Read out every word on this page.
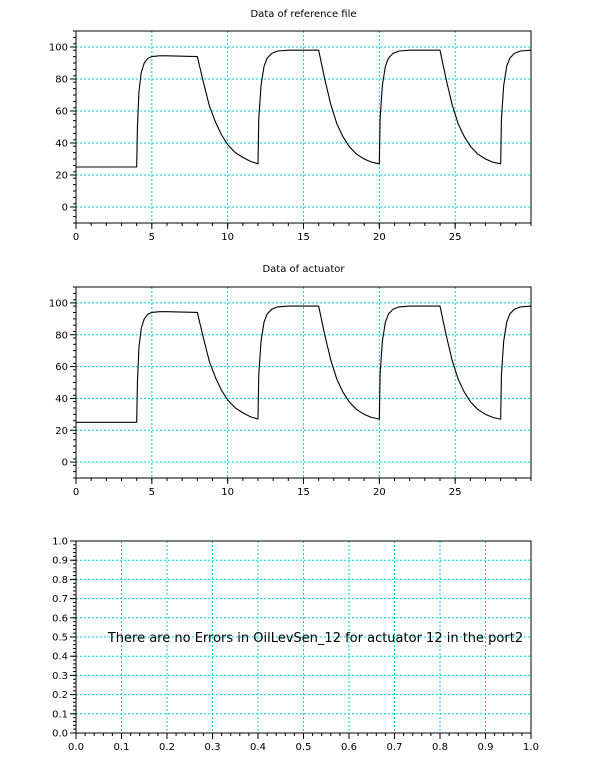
0	5	10	15	20	25
0
20
40
60
80
100
Data of reference file
0	5	10	15	20	25
0
20
40
60
80
100
Data of actuator
0.0	0.1	0.2	0.3	0.4	0.5	0.6	0.7	0.8	0.9	1.0
0.0
0.1
0.2
0.3
0.4
0.5
0.6
0.7
0.8
0.9
1.0
There are no Errors in OilLevSen_12 for actuator 12 in the port2
